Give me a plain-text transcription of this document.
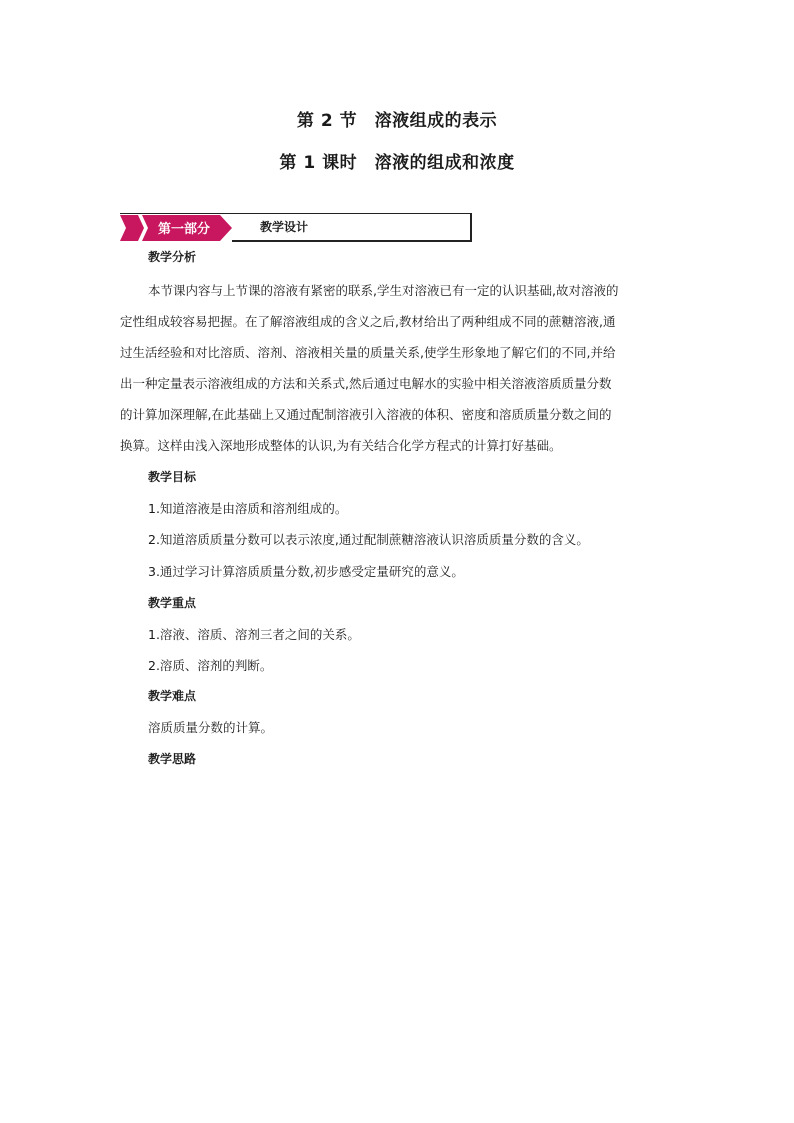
第 2 节　溶液组成的表示
第 1 课时　溶液的组成和浓度
第一部分	教学设计
教学分析
本节课内容与上节课的溶液有紧密的联系,学生对溶液已有一定的认识基础,故对溶液的
定性组成较容易把握。在了解溶液组成的含义之后,教材给出了两种组成不同的蔗糖溶液,通
过生活经验和对比溶质、溶剂、溶液相关量的质量关系,使学生形象地了解它们的不同,并给
出一种定量表示溶液组成的方法和关系式,然后通过电解水的实验中相关溶液溶质质量分数
的计算加深理解,在此基础上又通过配制溶液引入溶液的体积、密度和溶质质量分数之间的
换算。这样由浅入深地形成整体的认识,为有关结合化学方程式的计算打好基础。
教学目标
1.知道溶液是由溶质和溶剂组成的。
2.知道溶质质量分数可以表示浓度,通过配制蔗糖溶液认识溶质质量分数的含义。
3.通过学习计算溶质质量分数,初步感受定量研究的意义。
教学重点
1.溶液、溶质、溶剂三者之间的关系。
2.溶质、溶剂的判断。
教学难点
溶质质量分数的计算。
教学思路
